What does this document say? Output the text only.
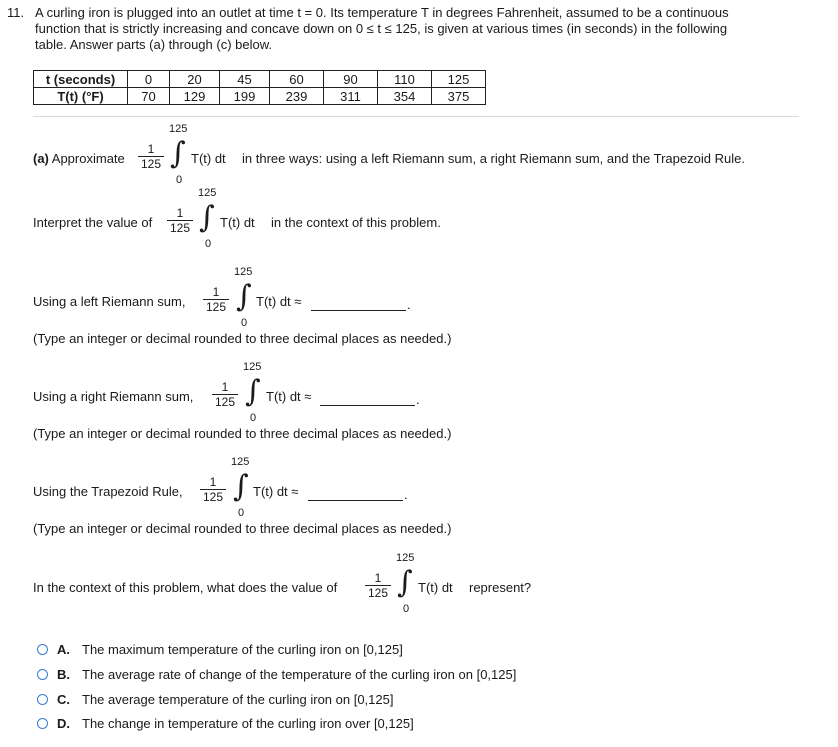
11. A curling iron is plugged into an outlet at time t = 0. Its temperature T in degrees Fahrenheit, assumed to be a continuous
function that is strictly increasing and concave down on 0 ≤ t ≤ 125, is given at various times (in seconds) in the following
table. Answer parts (a) through (c) below.
t (seconds)	0	20	45	60	90	110	125
T(t) (°F)	70	129	199	239	311	354	375
(a) Approximate
1
125
125
∫
0
T(t) dt in three ways: using a left Riemann sum, a right Riemann sum, and the Trapezoid Rule.
Interpret the value of
1
125
125
∫
0
T(t) dt in the context of this problem.
Using a left Riemann sum,
1
125
125
∫
0
T(t) dt ≈	.
(Type an integer or decimal rounded to three decimal places as needed.)
Using a right Riemann sum,
1
125
125
∫
0
T(t) dt ≈	.
(Type an integer or decimal rounded to three decimal places as needed.)
Using the Trapezoid Rule,
1
125
125
∫
0
T(t) dt ≈	.
(Type an integer or decimal rounded to three decimal places as needed.)
In the context of this problem, what does the value of
1
125
125
∫
0
T(t) dt represent?
A. The maximum temperature of the curling iron on [0,125]
B. The average rate of change of the temperature of the curling iron on [0,125]
C. The average temperature of the curling iron on [0,125]
D. The change in temperature of the curling iron over [0,125]
